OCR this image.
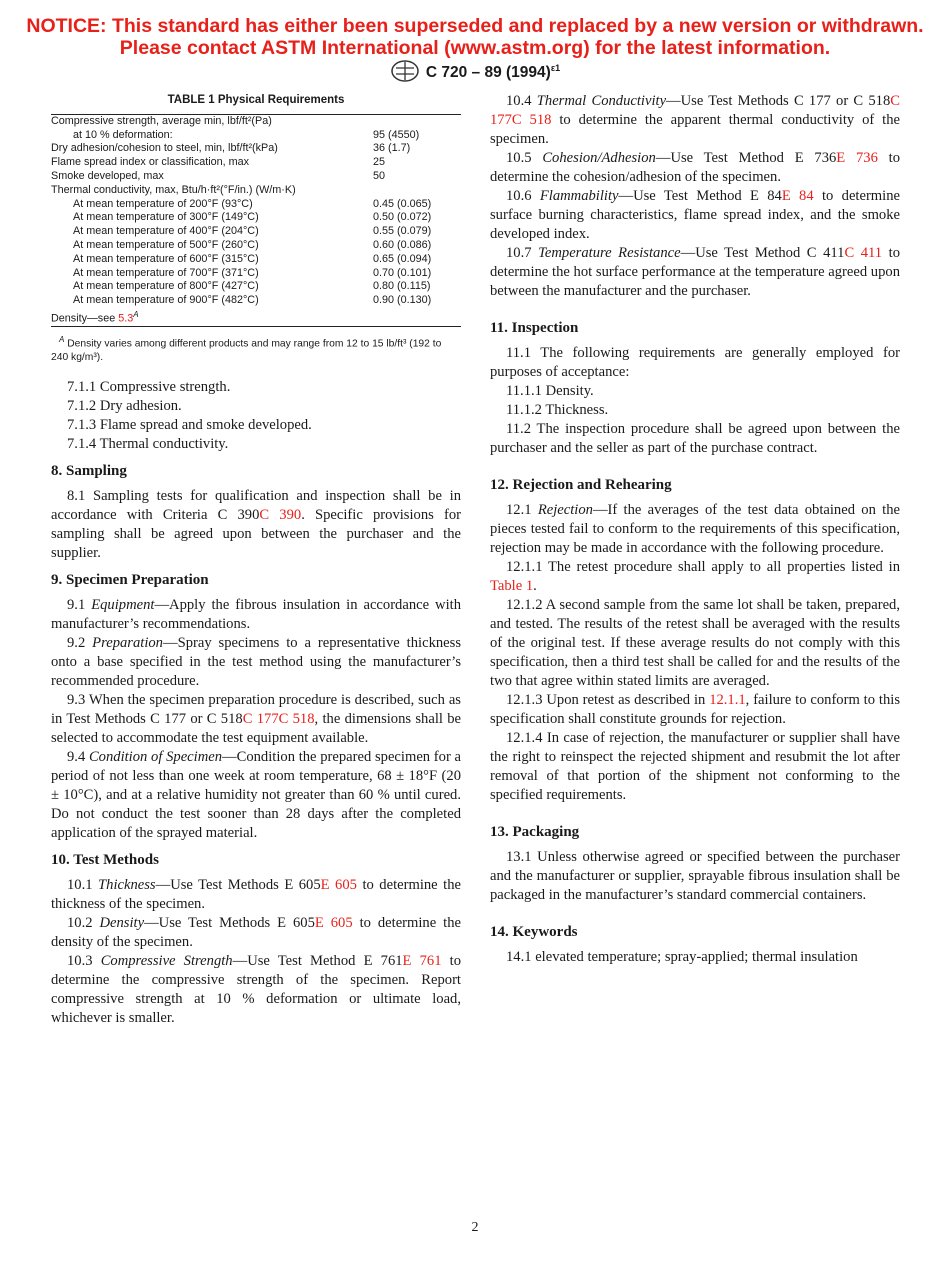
NOTICE: This standard has either been superseded and replaced by a new version or withdrawn.
Please contact ASTM International (www.astm.org) for the latest information.
C 720 – 89 $(1994)^{\varepsilon 1}$
TABLE 1 Physical Requirements
Compressive strength, average min, lbf/ft²(Pa)	
at 10 % deformation:	95 (4550)
Dry adhesion/cohesion to steel, min, lbf/ft²(kPa)	36 (1.7)
Flame spread index or classification, max	25
Smoke developed, max	50
Thermal conductivity, max, Btu/h·ft²(°F/in.) (W/m·K)	
At mean temperature of 200°F (93°C)	0.45 (0.065)
At mean temperature of 300°F (149°C)	0.50 (0.072)
At mean temperature of 400°F (204°C)	0.55 (0.079)
At mean temperature of 500°F (260°C)	0.60 (0.086)
At mean temperature of 600°F (315°C)	0.65 (0.094)
At mean temperature of 700°F (371°C)	0.70 (0.101)
At mean temperature of 800°F (427°C)	0.80 (0.115)
At mean temperature of 900°F (482°C)	0.90 (0.130)
Density—see $5.3^A$	
$^A$ Density varies among different products and may range from 12 to 15 lb/ft³ (192 to 240 kg/m³).
7.1.1 Compressive strength.
7.1.2 Dry adhesion.
7.1.3 Flame spread and smoke developed.
7.1.4 Thermal conductivity.
8. Sampling
8.1 Sampling tests for qualification and inspection shall be in accordance with Criteria C 390C 390. Specific provisions for sampling shall be agreed upon between the purchaser and the supplier.
9. Specimen Preparation
9.1 Equipment—Apply the fibrous insulation in accordance with manufacturer’s recommendations.
9.2 Preparation—Spray specimens to a representative thickness onto a base specified in the test method using the manufacturer’s recommended procedure.
9.3 When the specimen preparation procedure is described, such as in Test Methods C 177 or C 518C 177C 518, the dimensions shall be selected to accommodate the test equipment available.
9.4 Condition of Specimen—Condition the prepared specimen for a period of not less than one week at room temperature, 68 ± 18°F (20 ± 10°C), and at a relative humidity not greater than 60 % until cured. Do not conduct the test sooner than 28 days after the completed application of the sprayed material.
10. Test Methods
10.1 Thickness—Use Test Methods E 605E 605 to determine the thickness of the specimen.
10.2 Density—Use Test Methods E 605E 605 to determine the density of the specimen.
10.3 Compressive Strength—Use Test Method E 761E 761 to determine the compressive strength of the specimen. Report compressive strength at 10 % deformation or ultimate load, whichever is smaller.
10.4 Thermal Conductivity—Use Test Methods C 177 or C 518C 177C 518 to determine the apparent thermal conductivity of the specimen.
10.5 Cohesion/Adhesion—Use Test Method E 736E 736 to determine the cohesion/adhesion of the specimen.
10.6 Flammability—Use Test Method E 84E 84 to determine surface burning characteristics, flame spread index, and the smoke developed index.
10.7 Temperature Resistance—Use Test Method C 411C 411 to determine the hot surface performance at the temperature agreed upon between the manufacturer and the purchaser.
11. Inspection
11.1 The following requirements are generally employed for purposes of acceptance:
11.1.1 Density.
11.1.2 Thickness.
11.2 The inspection procedure shall be agreed upon between the purchaser and the seller as part of the purchase contract.
12. Rejection and Rehearing
12.1 Rejection—If the averages of the test data obtained on the pieces tested fail to conform to the requirements of this specification, rejection may be made in accordance with the following procedure.
12.1.1 The retest procedure shall apply to all properties listed in Table 1.
12.1.2 A second sample from the same lot shall be taken, prepared, and tested. The results of the retest shall be averaged with the results of the original test. If these average results do not comply with this specification, then a third test shall be called for and the results of the two that agree within stated limits are averaged.
12.1.3 Upon retest as described in 12.1.1, failure to conform to this specification shall constitute grounds for rejection.
12.1.4 In case of rejection, the manufacturer or supplier shall have the right to reinspect the rejected shipment and resubmit the lot after removal of that portion of the shipment not conforming to the specified requirements.
13. Packaging
13.1 Unless otherwise agreed or specified between the purchaser and the manufacturer or supplier, sprayable fibrous insulation shall be packaged in the manufacturer’s standard commercial containers.
14. Keywords
14.1 elevated temperature; spray-applied; thermal insulation
2
